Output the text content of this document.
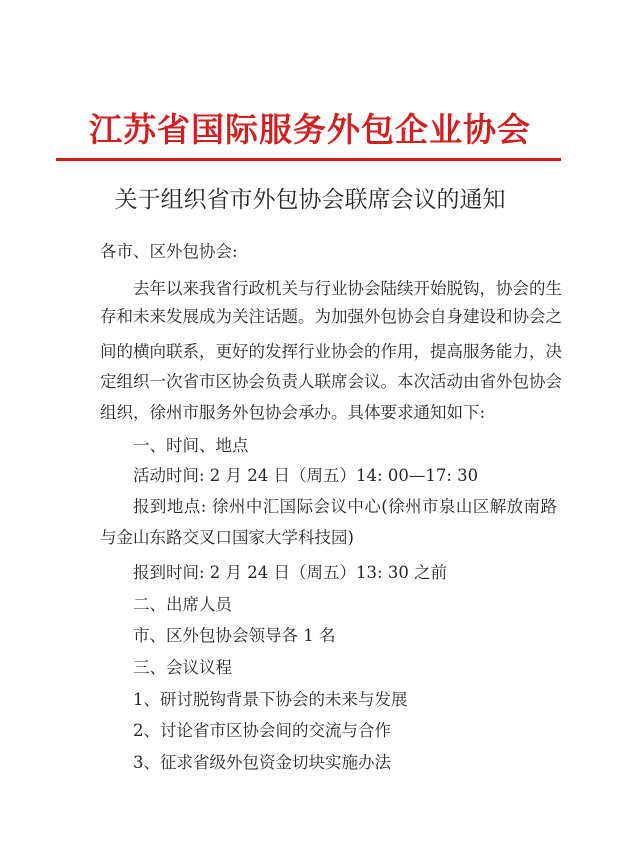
江苏省国际服务外包企业协会
关于组织省市外包协会联席会议的通知
各市、区外包协会:
去年以来我省行政机关与行业协会陆续开始脱钩，协会的生
存和未来发展成为关注话题。为加强外包协会自身建设和协会之
间的横向联系，更好的发挥行业协会的作用，提高服务能力，决
定组织一次省市区协会负责人联席会议。本次活动由省外包协会
组织，徐州市服务外包协会承办。具体要求通知如下:
一、时间、地点
活动时间: 2 月 24 日（周五）14: 00—17: 30
报到地点: 徐州中汇国际会议中心(徐州市泉山区解放南路
与金山东路交叉口国家大学科技园)
报到时间: 2 月 24 日（周五）13: 30 之前
二、出席人员
市、区外包协会领导各 1 名
三、会议议程
1、研讨脱钩背景下协会的未来与发展
2、讨论省市区协会间的交流与合作
3、征求省级外包资金切块实施办法
